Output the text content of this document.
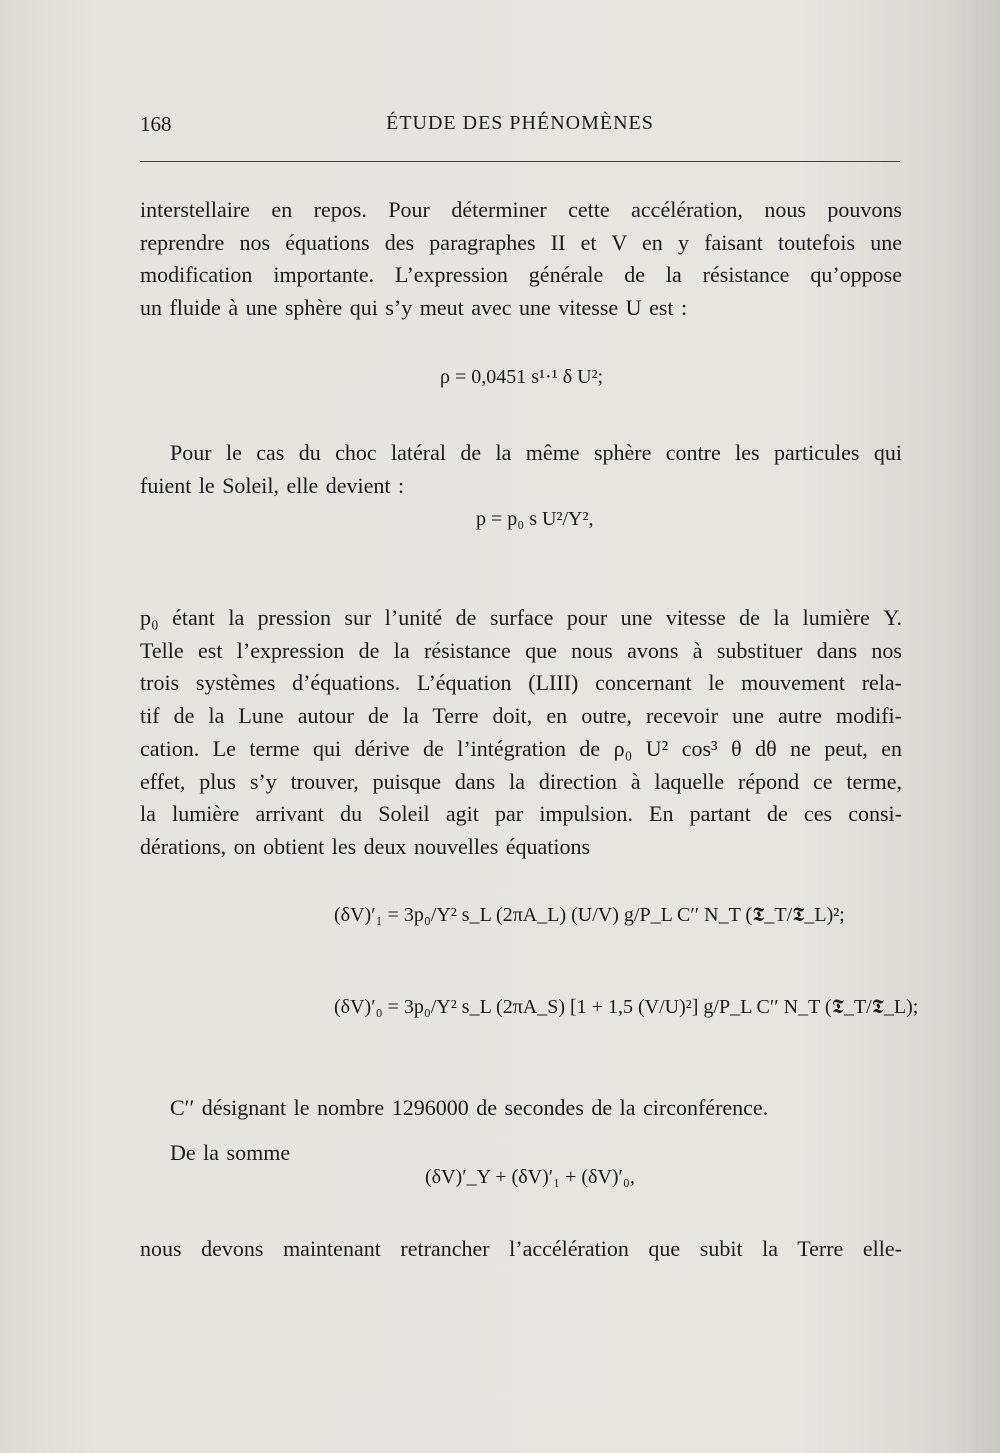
168	ÉTUDE DES PHÉNOMÈNES

interstellaire en repos. Pour déterminer cette accélération, nous pouvons
reprendre nos équations des paragraphes II et V en y faisant toutefois une
modification importante. L’expression générale de la résistance qu’oppose
un fluide à une sphère qui s’y meut avec une vitesse U est :

ρ = 0,0451 s¹·¹ δ U²;

Pour le cas du choc latéral de la même sphère contre les particules qui
fuient le Soleil, elle devient :

p = p₀ s U²/Υ²,

p₀ étant la pression sur l’unité de surface pour une vitesse de la lumière Υ.
Telle est l’expression de la résistance que nous avons à substituer dans nos
trois systèmes d’équations. L’équation (LIII) concernant le mouvement rela-
tif de la Lune autour de la Terre doit, en outre, recevoir une autre modifi-
cation. Le terme qui dérive de l’intégration de ρ₀ U² cos³ θ dθ ne peut, en
effet, plus s’y trouver, puisque dans la direction à laquelle répond ce terme,
la lumière arrivant du Soleil agit par impulsion. En partant de ces consi-
dérations, on obtient les deux nouvelles équations

(δV)′₁ = 3p₀/Υ² s_L (2πA_L) (U/V) g/P_L C′′ N_T (𝕿_T/𝕿_L)²;
(δV)′₀ = 3p₀/Υ² s_L (2πA_S) [1 + 1,5 (V/U)²] g/P_L C′′ N_T (𝕿_T/𝕿_L);

C′′ désignant le nombre 1296000 de secondes de la circonférence.

De la somme

(δV)′_Υ + (δV)′₁ + (δV)′₀,

nous devons maintenant retrancher l’accélération que subit la Terre elle-
